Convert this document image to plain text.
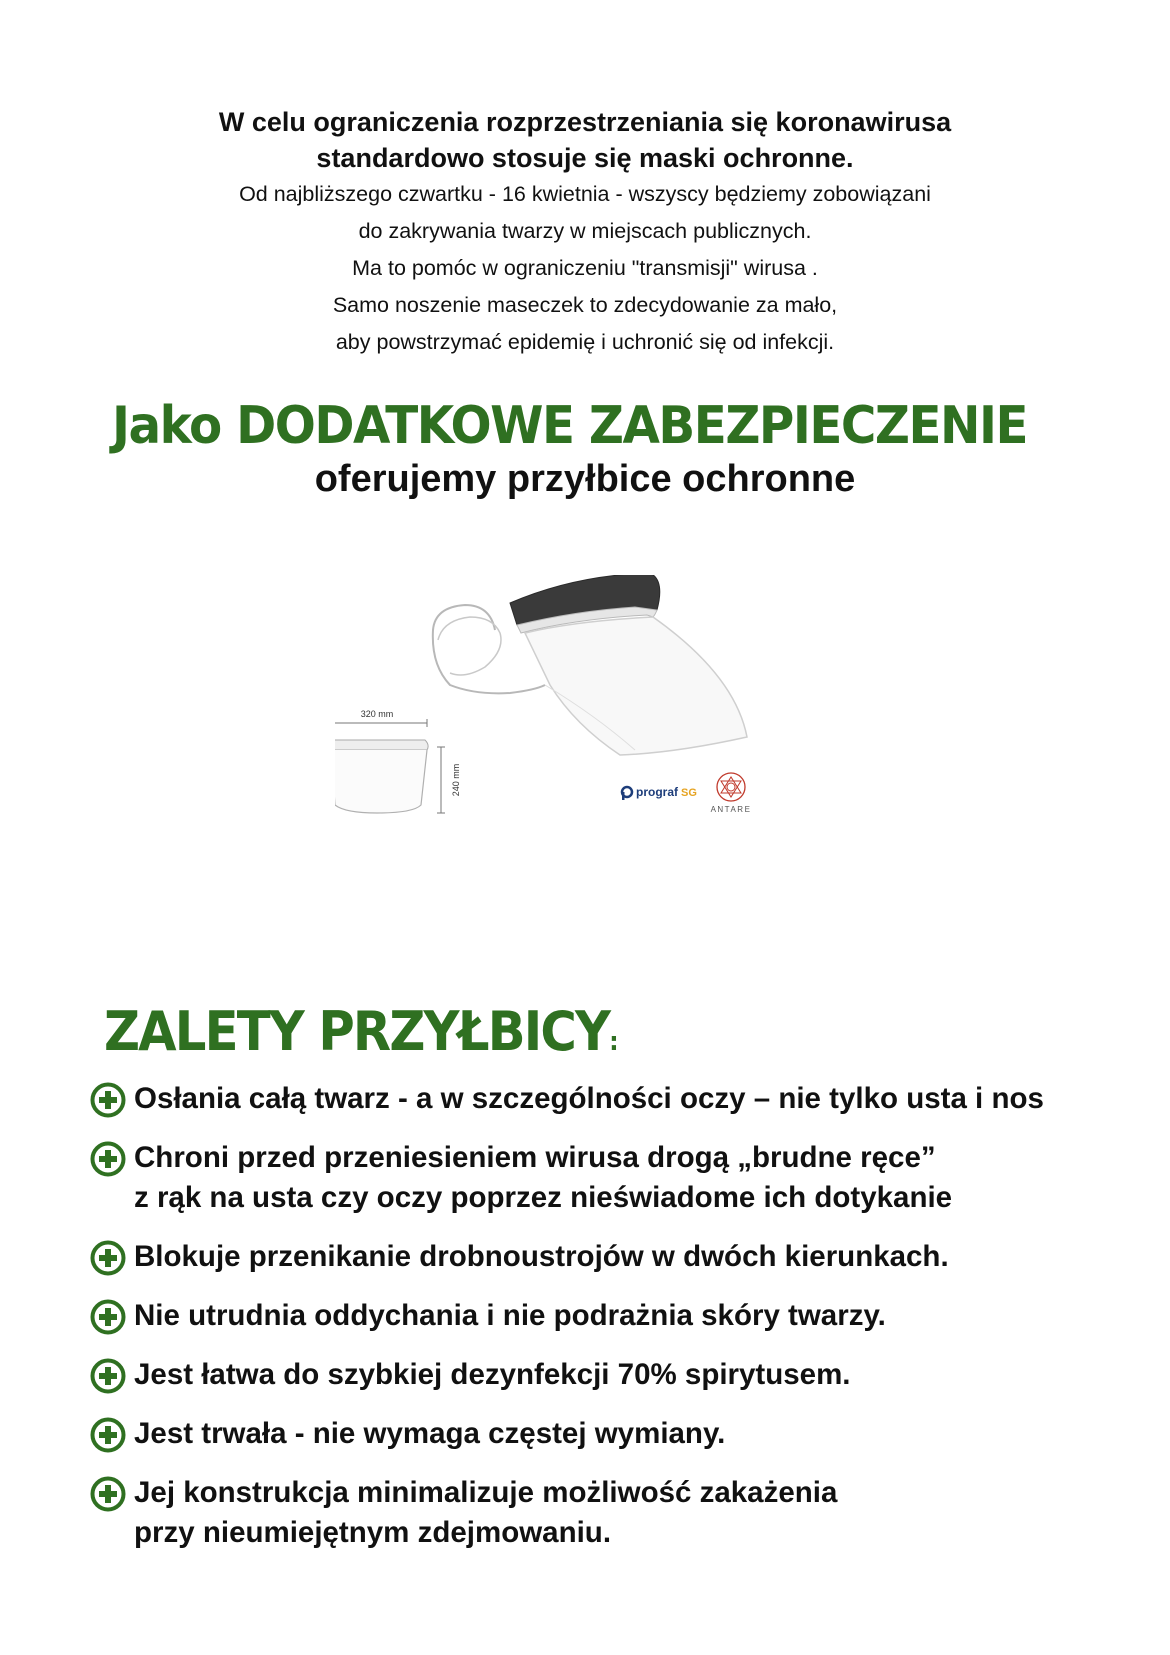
W celu ograniczenia rozprzestrzeniania się koronawirusa
standardowo stosuje się maski ochronne.
Od najbliższego czwartku - 16 kwietnia - wszyscy będziemy zobowiązani
do zakrywania twarzy w miejscach publicznych.
Ma to pomóc w ograniczeniu "transmisji" wirusa .
Samo noszenie maseczek to zdecydowanie za mało,
aby powstrzymać epidemię i uchronić się od infekcji.
Jako DODATKOWE ZABEZPIECZENIE
oferujemy przyłbice ochronne
320 mm
240 mm	prograf SG
ANTARE
ZALETY PRZYŁBICY:
Osłania całą twarz - a w szczególności oczy – nie tylko usta i nos
Chroni przed przeniesieniem wirusa drogą „brudne ręce”
z rąk na usta czy oczy poprzez nieświadome ich dotykanie
Blokuje przenikanie drobnoustrojów w dwóch kierunkach.
Nie utrudnia oddychania i nie podrażnia skóry twarzy.
Jest łatwa do szybkiej dezynfekcji 70% spirytusem.
Jest trwała - nie wymaga częstej wymiany.
Jej konstrukcja minimalizuje możliwość zakażenia
przy nieumiejętnym zdejmowaniu.
